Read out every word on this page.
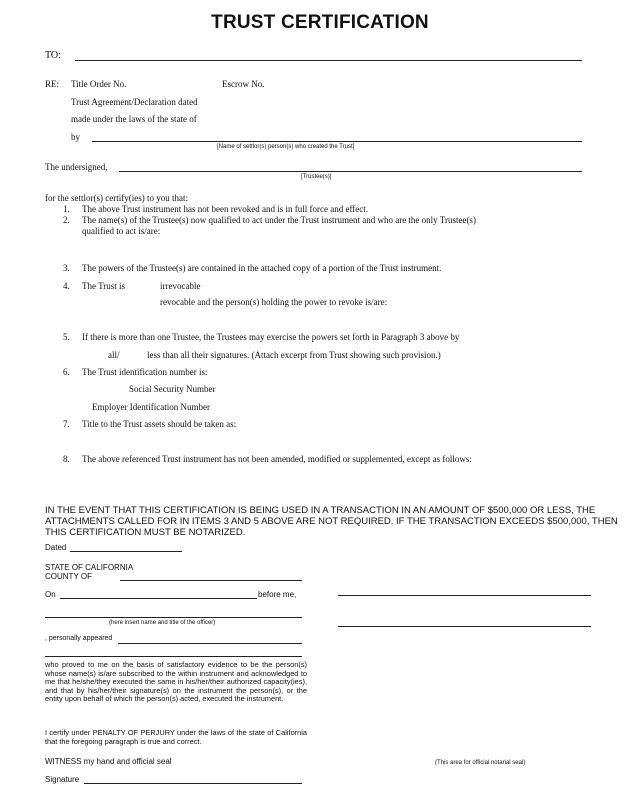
TRUST CERTIFICATION
TO:
RE: Title Order No.	Escrow No.
Trust Agreement/Declaration dated
made under the laws of the state of
by
[Name of settlor(s) person(s) who created the Trust]
The undersigned,
[Trustee(s)]
for the settlor(s) certify(ies) to you that:
1. The above Trust instrument has not been revoked and is in full force and effect.
2. The name(s) of the Trustee(s) now qualified to act under the Trust instrument and who are the only Trustee(s)
qualified to act is/are:
3. The powers of the Trustee(s) are contained in the attached copy of a portion of the Trust instrument.
4. The Trust is	irrevocable
revocable and the person(s) holding the power to revoke is/are:
5. If there is more than one Trustee, the Trustees may exercise the powers set forth in Paragraph 3 above by
all/	less than all their signatures. (Attach excerpt from Trust showing such provision.)
6. The Trust identification number is:
Social Security Number
Employer Identification Number
7. Title to the Trust assets should be taken as:
8. The above referenced Trust instrument has not been amended, modified or supplemented, except as follows:
IN THE EVENT THAT THIS CERTIFICATION IS BEING USED IN A TRANSACTION IN AN AMOUNT OF $500,000 OR LESS, THE ATTACHMENTS CALLED FOR IN ITEMS 3 AND 5 ABOVE ARE NOT REQUIRED. IF THE TRANSACTION EXCEEDS $500,000, THEN THIS CERTIFICATION MUST BE NOTARIZED.
Dated
STATE OF CALIFORNIA
COUNTY OF
On	before me,
(here insert name and title of the officer)
, personally appeared
who proved to me on the basis of satisfactory evidence to be the person(s) whose name(s) is/are subscribed to the within instrument and acknowledged to me that he/she/they executed the same in his/her/their authorized capacity(ies), and that by his/her/their signature(s) on the instrument the person(s), or the entity upon behalf of which the person(s) acted, executed the instrument.
I certify under PENALTY OF PERJURY under the laws of the state of California that the foregoing paragraph is true and correct.
WITNESS my hand and official seal
Signature
(This area for official notarial seal)
